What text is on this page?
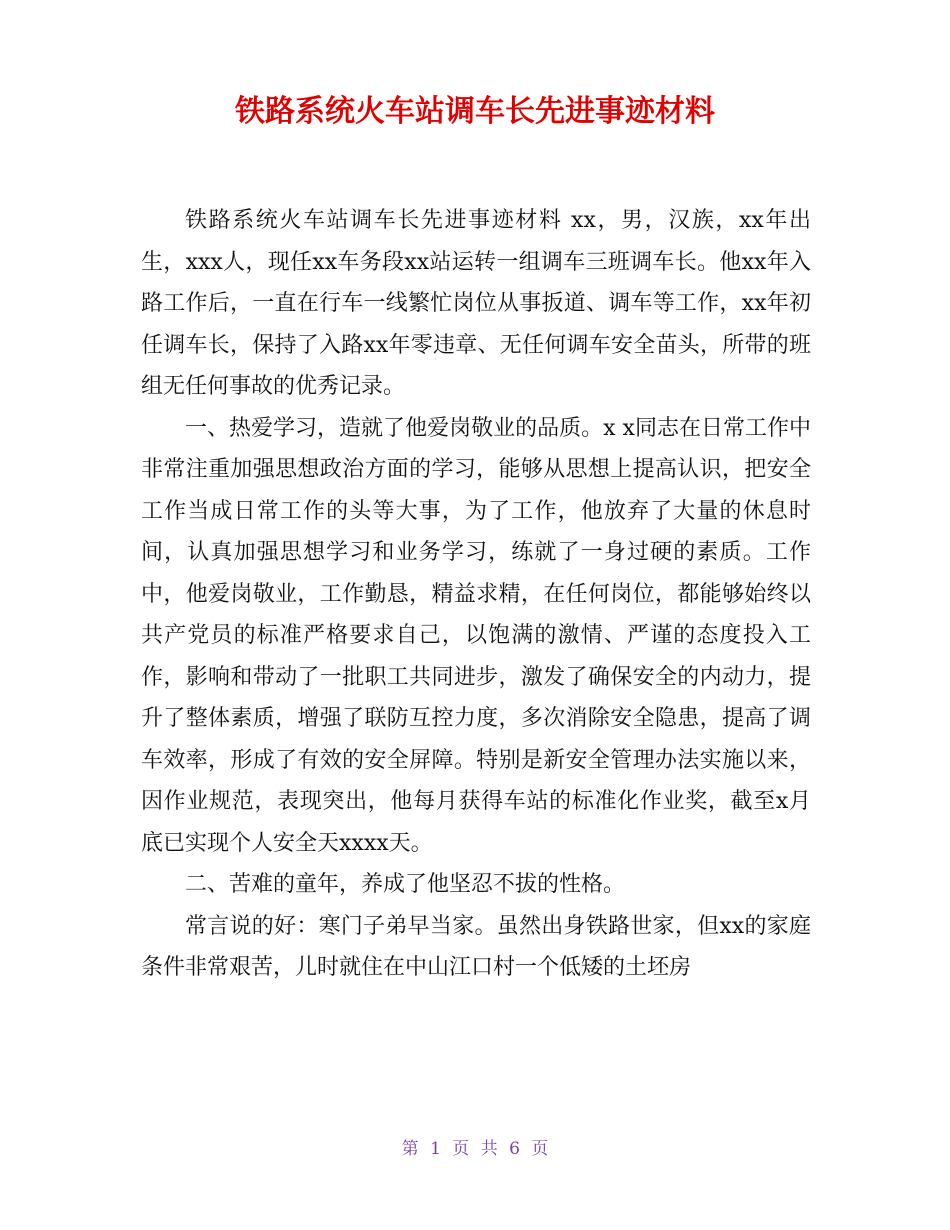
铁路系统火车站调车长先进事迹材料

铁路系统火车站调车长先进事迹材料 xx，男，汉族，xx年出生，xxx人，现任xx车务段xx站运转一组调车三班调车长。他xx年入路工作后，一直在行车一线繁忙岗位从事扳道、调车等工作，xx年初任调车长，保持了入路xx年零违章、无任何调车安全苗头，所带的班组无任何事故的优秀记录。

一、热爱学习，造就了他爱岗敬业的品质。x x同志在日常工作中非常注重加强思想政治方面的学习，能够从思想上提高认识，把安全工作当成日常工作的头等大事，为了工作，他放弃了大量的休息时间，认真加强思想学习和业务学习，练就了一身过硬的素质。工作中，他爱岗敬业，工作勤恳，精益求精，在任何岗位，都能够始终以共产党员的标准严格要求自己，以饱满的激情、严谨的态度投入工作，影响和带动了一批职工共同进步，激发了确保安全的内动力，提升了整体素质，增强了联防互控力度，多次消除安全隐患，提高了调车效率，形成了有效的安全屏障。特别是新安全管理办法实施以来，因作业规范，表现突出，他每月获得车站的标准化作业奖，截至x月底已实现个人安全天xxxx天。

二、苦难的童年，养成了他坚忍不拔的性格。

常言说的好：寒门子弟早当家。虽然出身铁路世家，但xx的家庭条件非常艰苦，儿时就住在中山江口村一个低矮的土坯房

第 1 页 共 6 页
